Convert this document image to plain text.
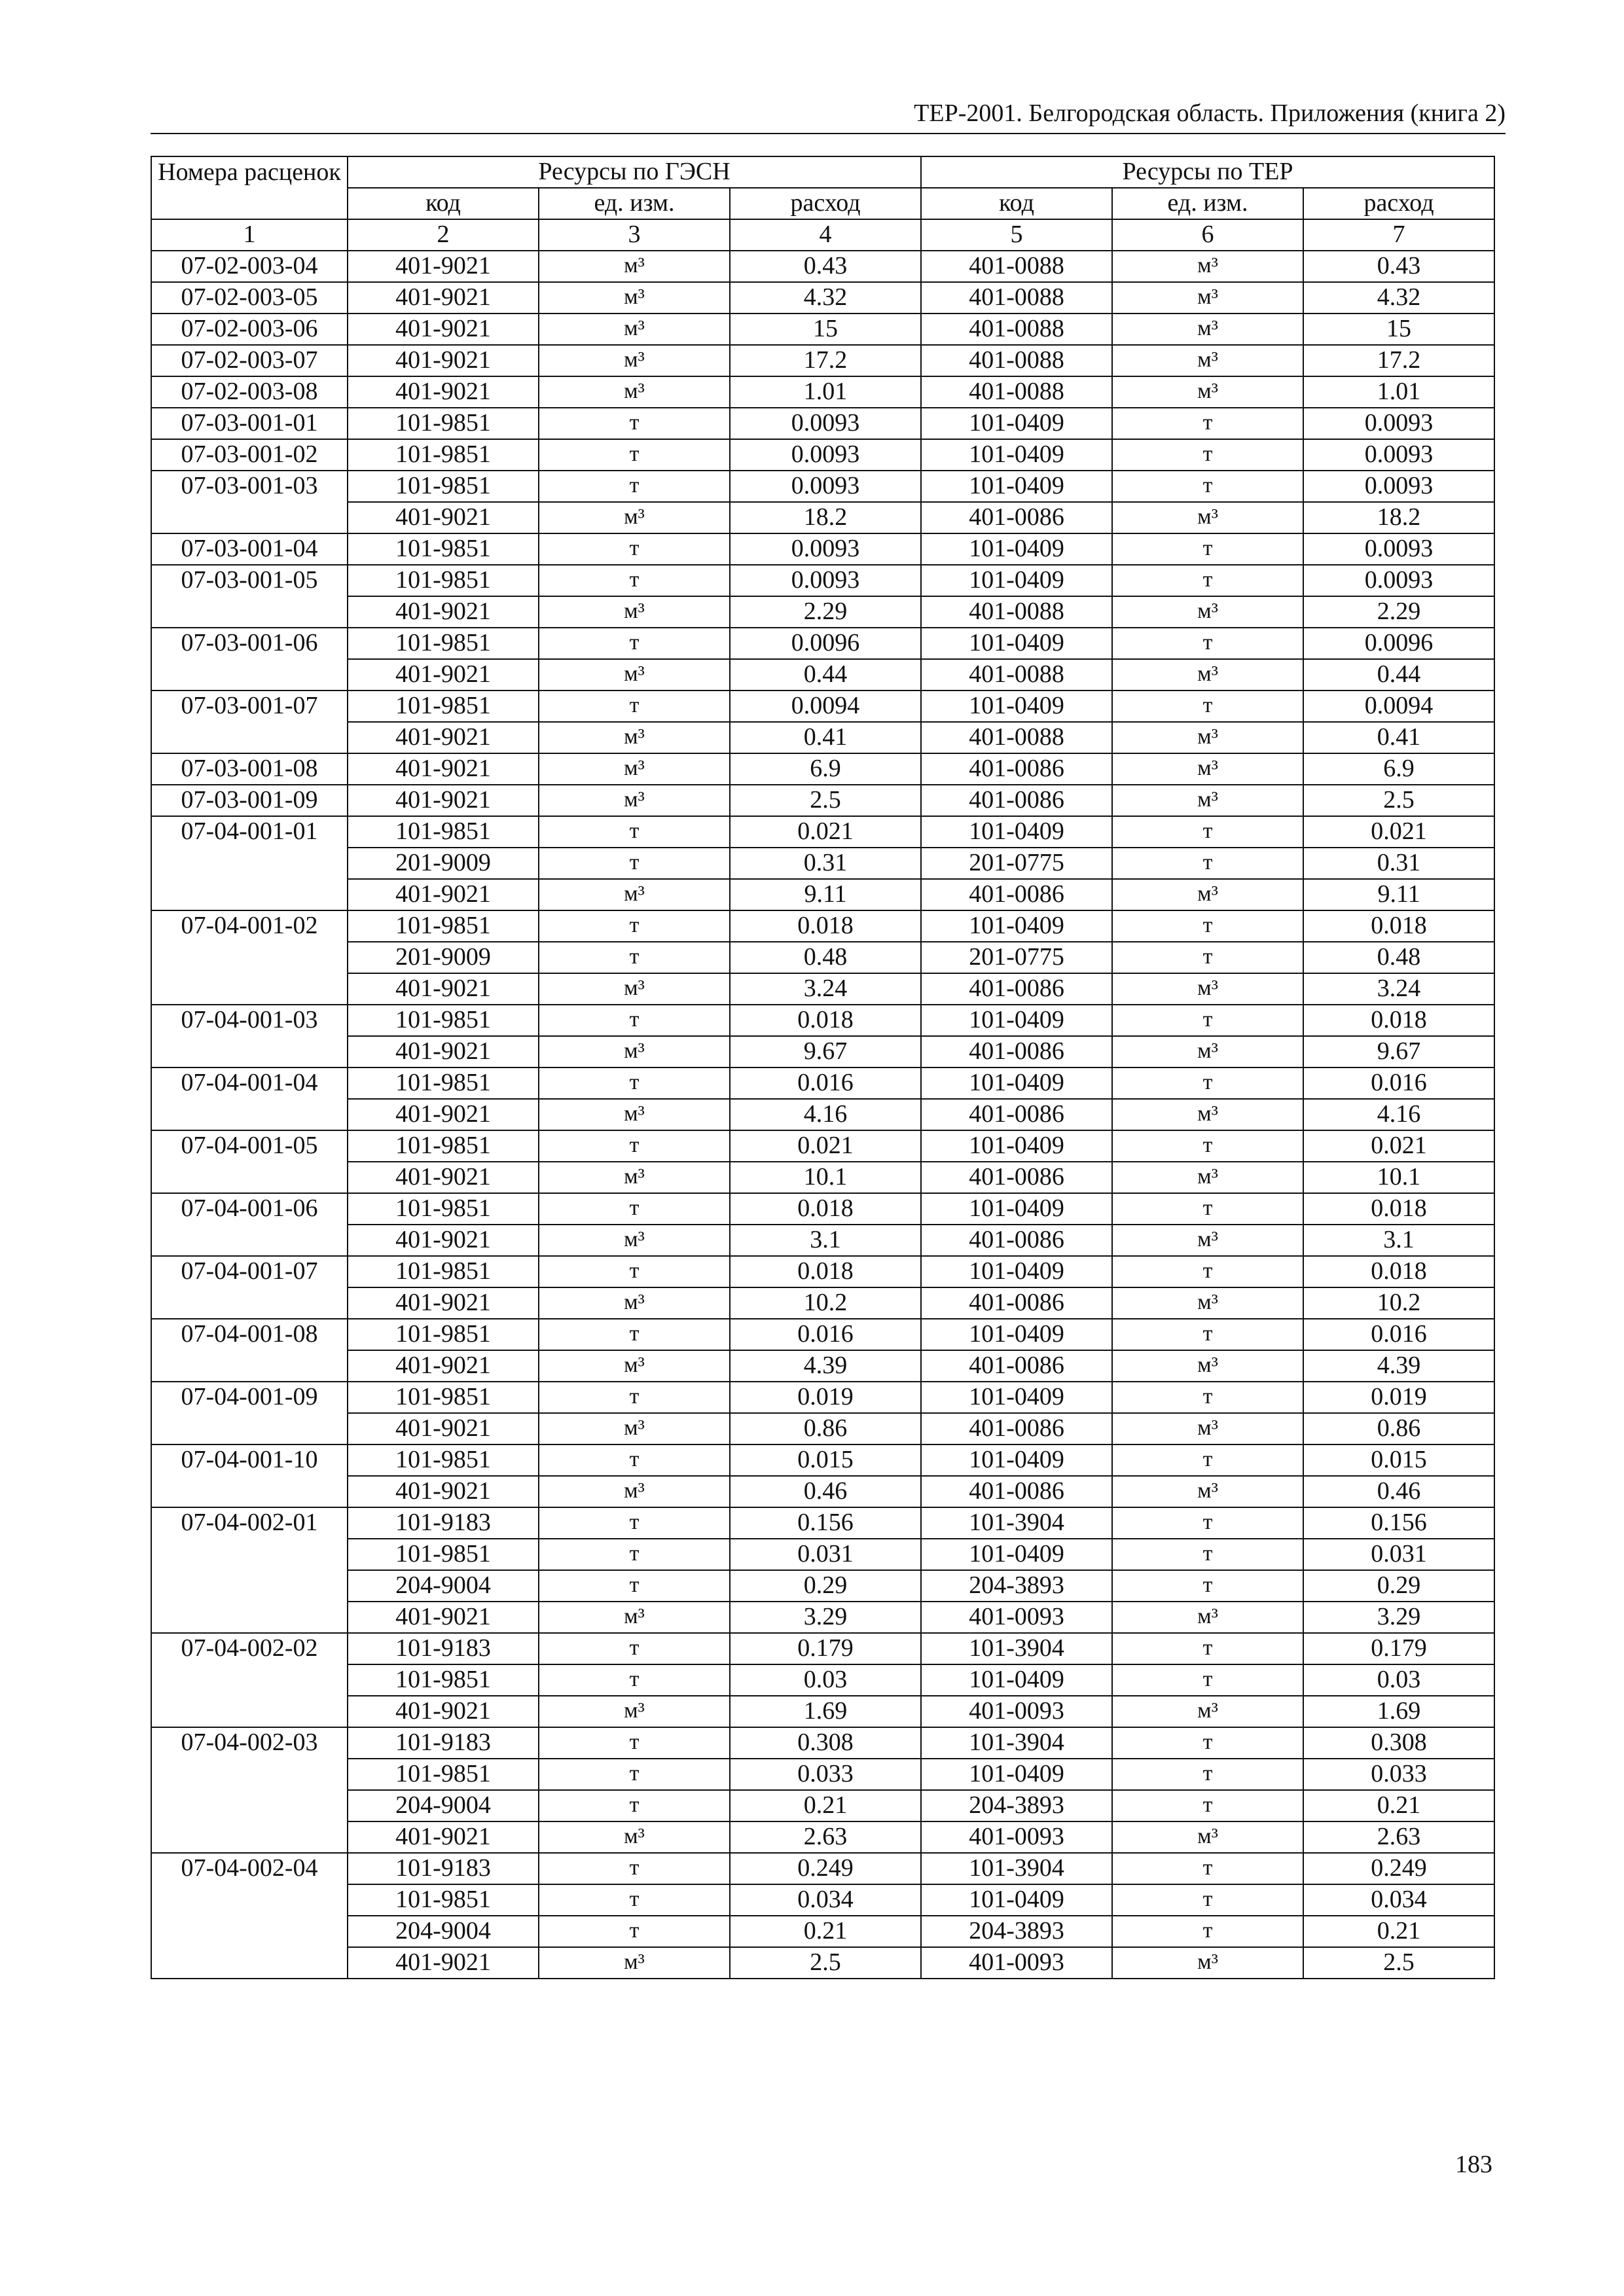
ТЕР-2001. Белгородская область. Приложения (книга 2)
Номера расценок	Ресурсы по ГЭСН			Ресурсы по ТЕР		
	код	ед. изм.	расход	код	ед. изм.	расход
1	2	3	4	5	6	7
07-02-003-04	401-9021	м³	0.43	401-0088	м³	0.43
07-02-003-05	401-9021	м³	4.32	401-0088	м³	4.32
07-02-003-06	401-9021	м³	15	401-0088	м³	15
07-02-003-07	401-9021	м³	17.2	401-0088	м³	17.2
07-02-003-08	401-9021	м³	1.01	401-0088	м³	1.01
07-03-001-01	101-9851	т	0.0093	101-0409	т	0.0093
07-03-001-02	101-9851	т	0.0093	101-0409	т	0.0093
07-03-001-03	101-9851	т	0.0093	101-0409	т	0.0093
	401-9021	м³	18.2	401-0086	м³	18.2
07-03-001-04	101-9851	т	0.0093	101-0409	т	0.0093
07-03-001-05	101-9851	т	0.0093	101-0409	т	0.0093
	401-9021	м³	2.29	401-0088	м³	2.29
07-03-001-06	101-9851	т	0.0096	101-0409	т	0.0096
	401-9021	м³	0.44	401-0088	м³	0.44
07-03-001-07	101-9851	т	0.0094	101-0409	т	0.0094
	401-9021	м³	0.41	401-0088	м³	0.41
07-03-001-08	401-9021	м³	6.9	401-0086	м³	6.9
07-03-001-09	401-9021	м³	2.5	401-0086	м³	2.5
07-04-001-01	101-9851	т	0.021	101-0409	т	0.021
	201-9009	т	0.31	201-0775	т	0.31
	401-9021	м³	9.11	401-0086	м³	9.11
07-04-001-02	101-9851	т	0.018	101-0409	т	0.018
	201-9009	т	0.48	201-0775	т	0.48
	401-9021	м³	3.24	401-0086	м³	3.24
07-04-001-03	101-9851	т	0.018	101-0409	т	0.018
	401-9021	м³	9.67	401-0086	м³	9.67
07-04-001-04	101-9851	т	0.016	101-0409	т	0.016
	401-9021	м³	4.16	401-0086	м³	4.16
07-04-001-05	101-9851	т	0.021	101-0409	т	0.021
	401-9021	м³	10.1	401-0086	м³	10.1
07-04-001-06	101-9851	т	0.018	101-0409	т	0.018
	401-9021	м³	3.1	401-0086	м³	3.1
07-04-001-07	101-9851	т	0.018	101-0409	т	0.018
	401-9021	м³	10.2	401-0086	м³	10.2
07-04-001-08	101-9851	т	0.016	101-0409	т	0.016
	401-9021	м³	4.39	401-0086	м³	4.39
07-04-001-09	101-9851	т	0.019	101-0409	т	0.019
	401-9021	м³	0.86	401-0086	м³	0.86
07-04-001-10	101-9851	т	0.015	101-0409	т	0.015
	401-9021	м³	0.46	401-0086	м³	0.46
07-04-002-01	101-9183	т	0.156	101-3904	т	0.156
	101-9851	т	0.031	101-0409	т	0.031
	204-9004	т	0.29	204-3893	т	0.29
	401-9021	м³	3.29	401-0093	м³	3.29
07-04-002-02	101-9183	т	0.179	101-3904	т	0.179
	101-9851	т	0.03	101-0409	т	0.03
	401-9021	м³	1.69	401-0093	м³	1.69
07-04-002-03	101-9183	т	0.308	101-3904	т	0.308
	101-9851	т	0.033	101-0409	т	0.033
	204-9004	т	0.21	204-3893	т	0.21
	401-9021	м³	2.63	401-0093	м³	2.63
07-04-002-04	101-9183	т	0.249	101-3904	т	0.249
	101-9851	т	0.034	101-0409	т	0.034
	204-9004	т	0.21	204-3893	т	0.21
	401-9021	м³	2.5	401-0093	м³	2.5
183
